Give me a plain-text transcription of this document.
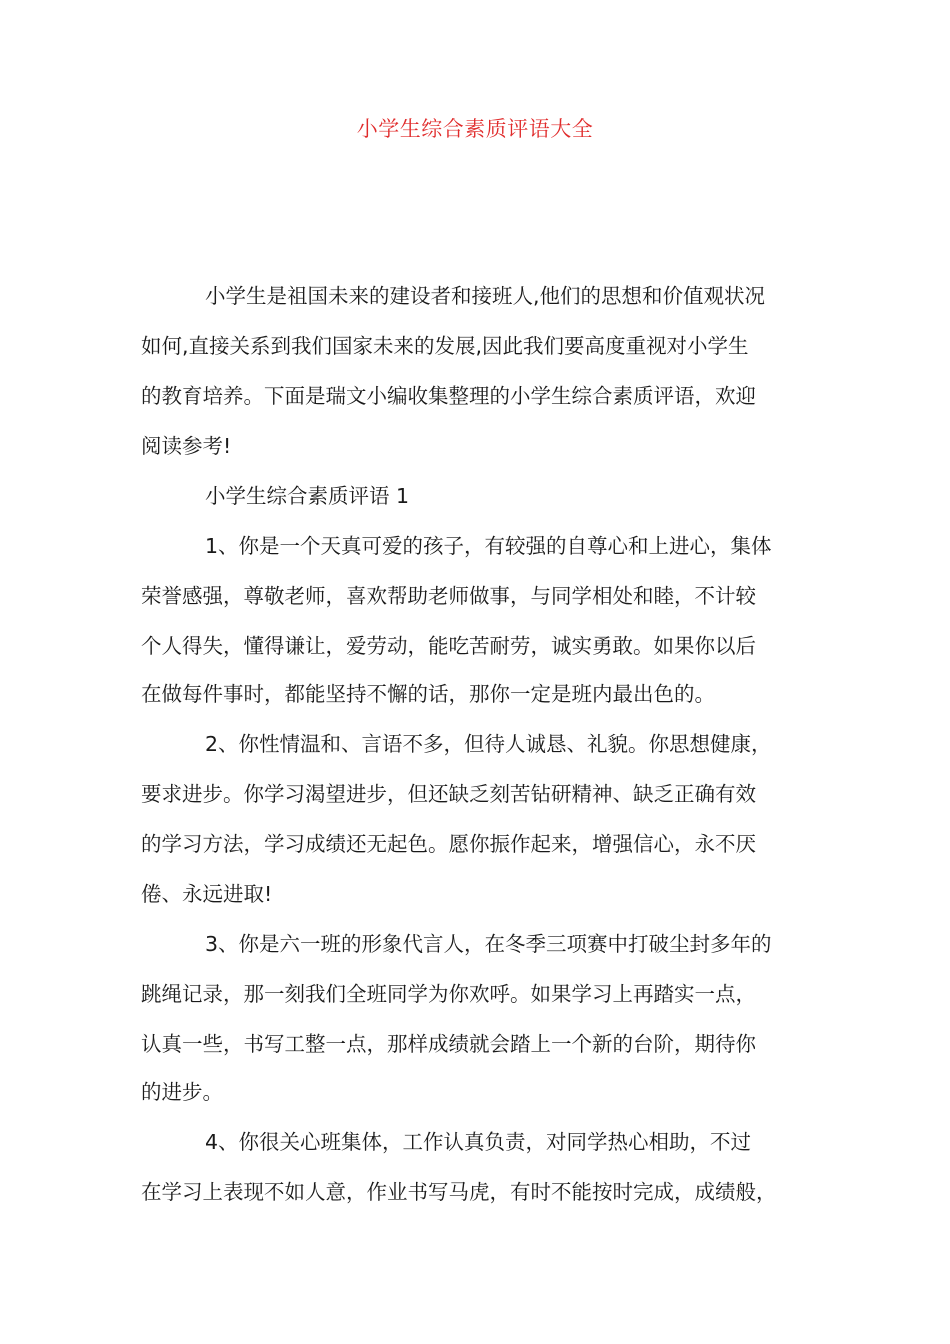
小学生综合素质评语大全
小学生是祖国未来的建设者和接班人,他们的思想和价值观状况
如何,直接关系到我们国家未来的发展,因此我们要高度重视对小学生
的教育培养。下面是瑞文小编收集整理的小学生综合素质评语，欢迎
阅读参考!
小学生综合素质评语 1
1、你是一个天真可爱的孩子，有较强的自尊心和上进心，集体
荣誉感强，尊敬老师，喜欢帮助老师做事，与同学相处和睦，不计较
个人得失，懂得谦让，爱劳动，能吃苦耐劳，诚实勇敢。如果你以后
在做每件事时，都能坚持不懈的话，那你一定是班内最出色的。
2、你性情温和、言语不多，但待人诚恳、礼貌。你思想健康，
要求进步。你学习渴望进步，但还缺乏刻苦钻研精神、缺乏正确有效
的学习方法，学习成绩还无起色。愿你振作起来，增强信心，永不厌
倦、永远进取!
3、你是六一班的形象代言人，在冬季三项赛中打破尘封多年的
跳绳记录，那一刻我们全班同学为你欢呼。如果学习上再踏实一点，
认真一些，书写工整一点，那样成绩就会踏上一个新的台阶，期待你
的进步。
4、你很关心班集体，工作认真负责，对同学热心相助，不过
在学习上表现不如人意，作业书写马虎，有时不能按时完成，成绩般，
